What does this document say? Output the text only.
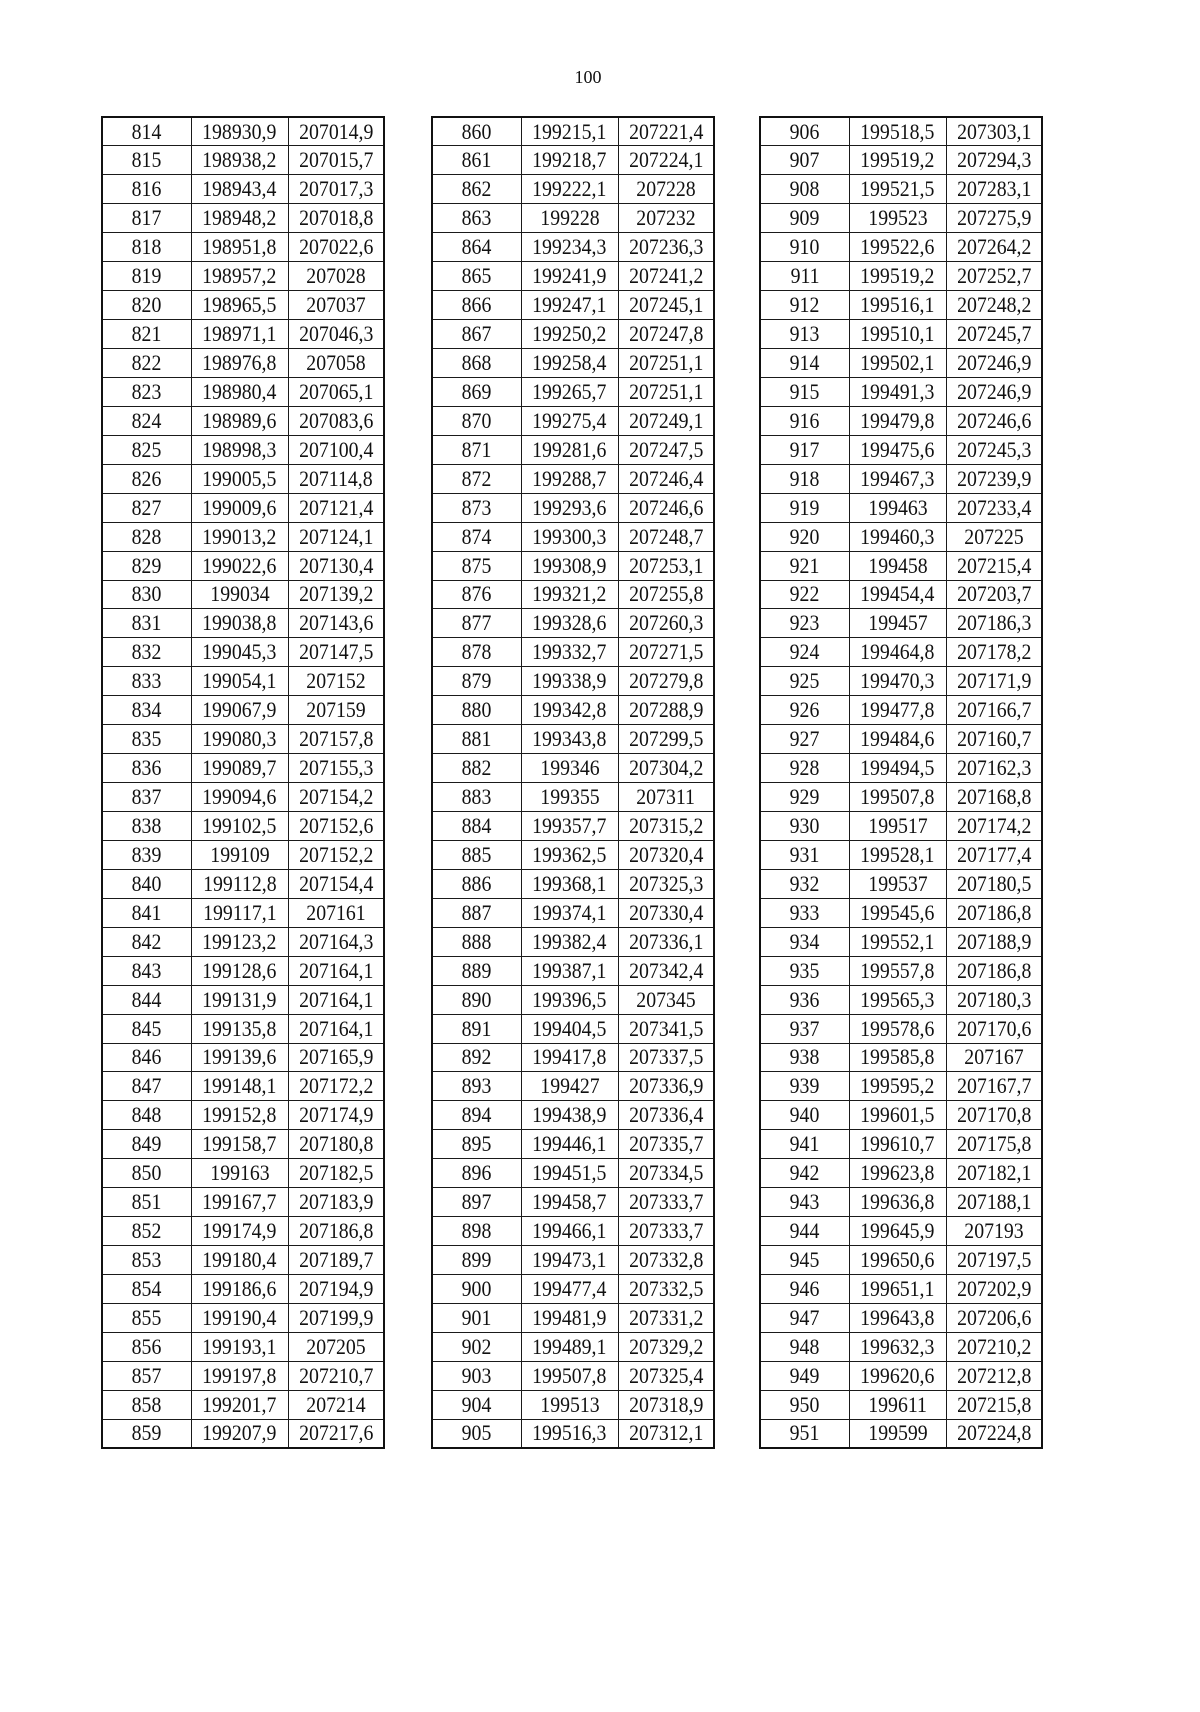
100
814	198930,9	207014,9
815	198938,2	207015,7
816	198943,4	207017,3
817	198948,2	207018,8
818	198951,8	207022,6
819	198957,2	207028
820	198965,5	207037
821	198971,1	207046,3
822	198976,8	207058
823	198980,4	207065,1
824	198989,6	207083,6
825	198998,3	207100,4
826	199005,5	207114,8
827	199009,6	207121,4
828	199013,2	207124,1
829	199022,6	207130,4
830	199034	207139,2
831	199038,8	207143,6
832	199045,3	207147,5
833	199054,1	207152
834	199067,9	207159
835	199080,3	207157,8
836	199089,7	207155,3
837	199094,6	207154,2
838	199102,5	207152,6
839	199109	207152,2
840	199112,8	207154,4
841	199117,1	207161
842	199123,2	207164,3
843	199128,6	207164,1
844	199131,9	207164,1
845	199135,8	207164,1
846	199139,6	207165,9
847	199148,1	207172,2
848	199152,8	207174,9
849	199158,7	207180,8
850	199163	207182,5
851	199167,7	207183,9
852	199174,9	207186,8
853	199180,4	207189,7
854	199186,6	207194,9
855	199190,4	207199,9
856	199193,1	207205
857	199197,8	207210,7
858	199201,7	207214
859	199207,9	207217,6
860	199215,1	207221,4
861	199218,7	207224,1
862	199222,1	207228
863	199228	207232
864	199234,3	207236,3
865	199241,9	207241,2
866	199247,1	207245,1
867	199250,2	207247,8
868	199258,4	207251,1
869	199265,7	207251,1
870	199275,4	207249,1
871	199281,6	207247,5
872	199288,7	207246,4
873	199293,6	207246,6
874	199300,3	207248,7
875	199308,9	207253,1
876	199321,2	207255,8
877	199328,6	207260,3
878	199332,7	207271,5
879	199338,9	207279,8
880	199342,8	207288,9
881	199343,8	207299,5
882	199346	207304,2
883	199355	207311
884	199357,7	207315,2
885	199362,5	207320,4
886	199368,1	207325,3
887	199374,1	207330,4
888	199382,4	207336,1
889	199387,1	207342,4
890	199396,5	207345
891	199404,5	207341,5
892	199417,8	207337,5
893	199427	207336,9
894	199438,9	207336,4
895	199446,1	207335,7
896	199451,5	207334,5
897	199458,7	207333,7
898	199466,1	207333,7
899	199473,1	207332,8
900	199477,4	207332,5
901	199481,9	207331,2
902	199489,1	207329,2
903	199507,8	207325,4
904	199513	207318,9
905	199516,3	207312,1
906	199518,5	207303,1
907	199519,2	207294,3
908	199521,5	207283,1
909	199523	207275,9
910	199522,6	207264,2
911	199519,2	207252,7
912	199516,1	207248,2
913	199510,1	207245,7
914	199502,1	207246,9
915	199491,3	207246,9
916	199479,8	207246,6
917	199475,6	207245,3
918	199467,3	207239,9
919	199463	207233,4
920	199460,3	207225
921	199458	207215,4
922	199454,4	207203,7
923	199457	207186,3
924	199464,8	207178,2
925	199470,3	207171,9
926	199477,8	207166,7
927	199484,6	207160,7
928	199494,5	207162,3
929	199507,8	207168,8
930	199517	207174,2
931	199528,1	207177,4
932	199537	207180,5
933	199545,6	207186,8
934	199552,1	207188,9
935	199557,8	207186,8
936	199565,3	207180,3
937	199578,6	207170,6
938	199585,8	207167
939	199595,2	207167,7
940	199601,5	207170,8
941	199610,7	207175,8
942	199623,8	207182,1
943	199636,8	207188,1
944	199645,9	207193
945	199650,6	207197,5
946	199651,1	207202,9
947	199643,8	207206,6
948	199632,3	207210,2
949	199620,6	207212,8
950	199611	207215,8
951	199599	207224,8
